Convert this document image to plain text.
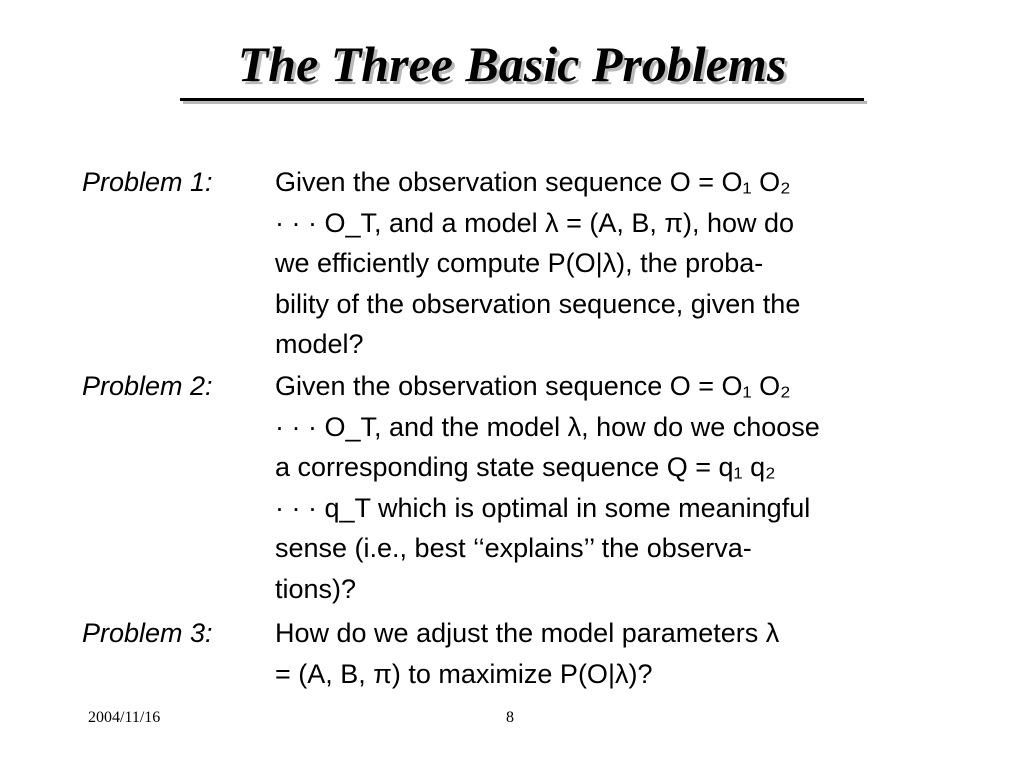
The Three Basic Problems
Problem 1:	Given the observation sequence O = O₁ O₂
· · · O_T, and a model λ = (A, B, π), how do
we efficiently compute P(O|λ), the proba-
bility of the observation sequence, given the
model?
Problem 2:	Given the observation sequence O = O₁ O₂
· · · O_T, and the model λ, how do we choose
a corresponding state sequence Q = q₁ q₂
· · · q_T which is optimal in some meaningful
sense (i.e., best ‘‘explains’’ the observa-
tions)?
Problem 3:	How do we adjust the model parameters λ
= (A, B, π) to maximize P(O|λ)?
2004/11/16	8
